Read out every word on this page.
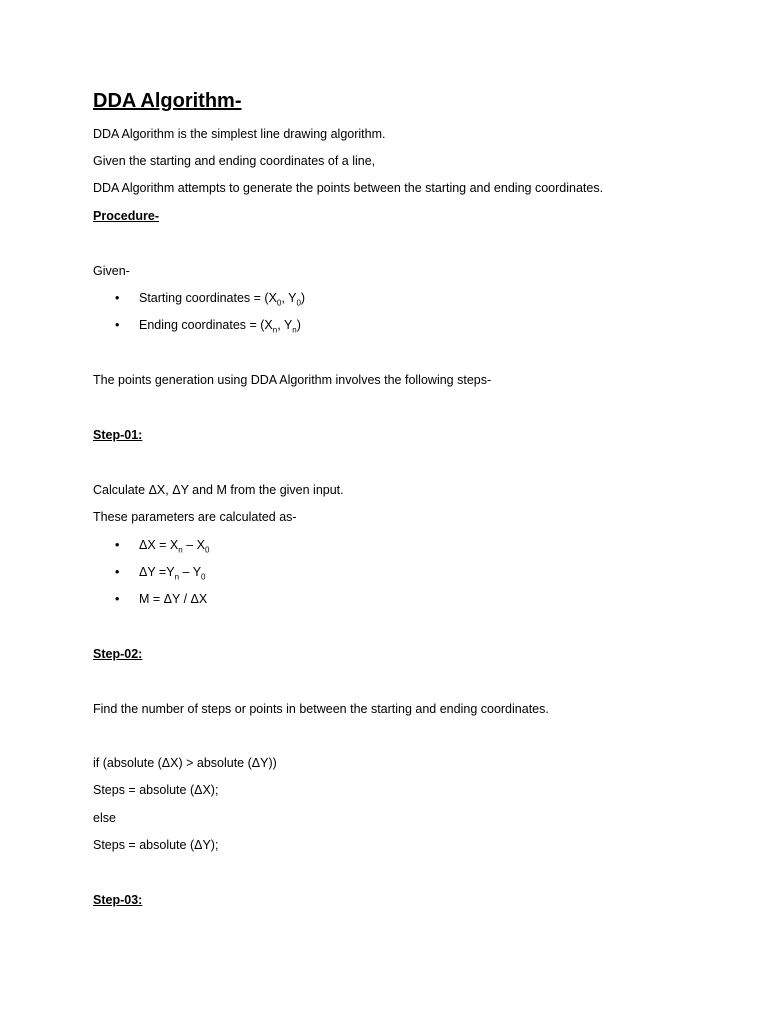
DDA Algorithm-
DDA Algorithm is the simplest line drawing algorithm.
Given the starting and ending coordinates of a line,
DDA Algorithm attempts to generate the points between the starting and ending coordinates.
Procedure-
Given-
• Starting coordinates = ($X_0$, $Y_0$)
• Ending coordinates = ($X_n$, $Y_n$)
The points generation using DDA Algorithm involves the following steps-
Step-01:
Calculate ΔX, ΔY and M from the given input.
These parameters are calculated as-
• $\Delta X = X_n - X_0$
• $\Delta Y =Y_n - Y_0$
• M = ΔY / ΔX
Step-02:
Find the number of steps or points in between the starting and ending coordinates.
if (absolute (ΔX) > absolute (ΔY))
Steps = absolute (ΔX);
else
Steps = absolute (ΔY);
Step-03:
